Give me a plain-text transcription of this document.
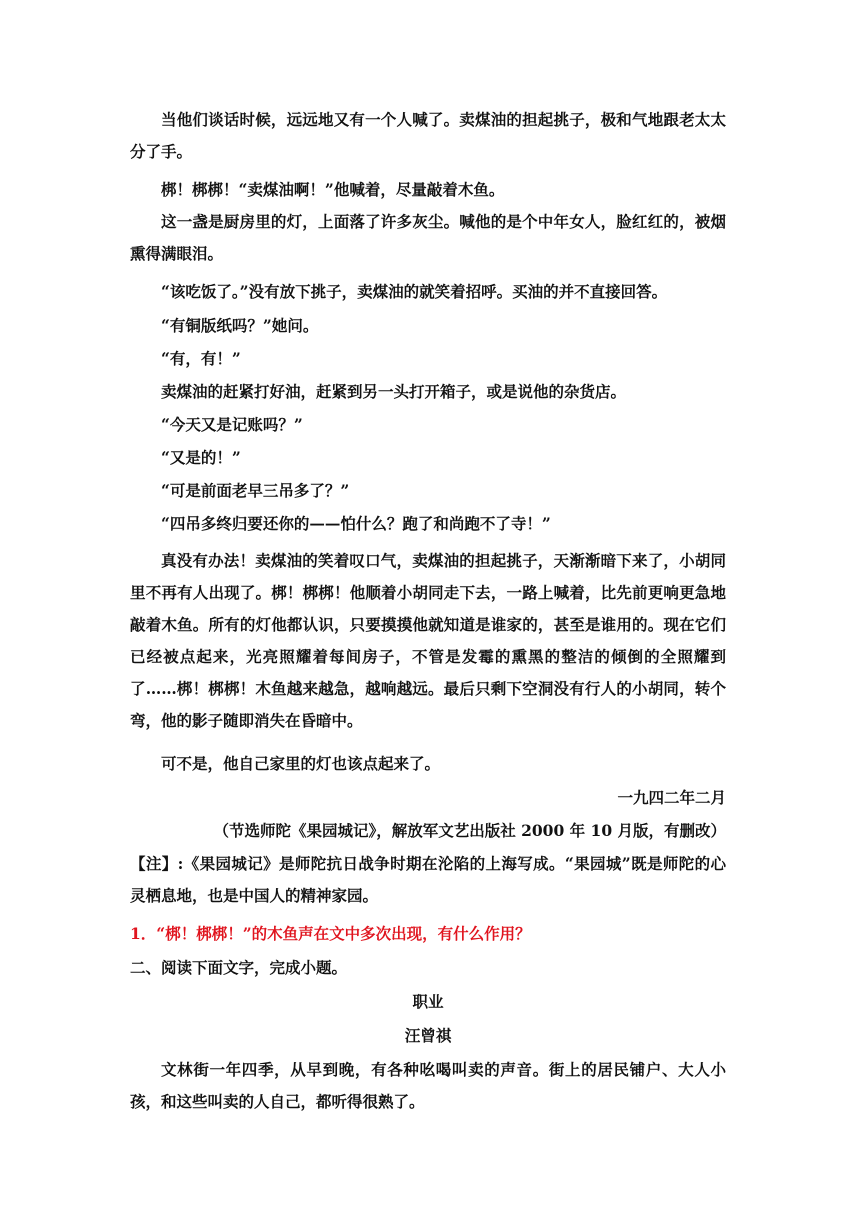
当他们谈话时候，远远地又有一个人喊了。卖煤油的担起挑子，极和气地跟老太太分了手。

梆！梆梆！“卖煤油啊！”他喊着，尽量敲着木鱼。

这一盏是厨房里的灯，上面落了许多灰尘。喊他的是个中年女人，脸红红的，被烟熏得满眼泪。

“该吃饭了。”没有放下挑子，卖煤油的就笑着招呼。买油的并不直接回答。

“有铜版纸吗？”她问。

“有，有！”

卖煤油的赶紧打好油，赶紧到另一头打开箱子，或是说他的杂货店。

“今天又是记账吗？”

“又是的！”

“可是前面老早三吊多了？”

“四吊多终归要还你的——怕什么？跑了和尚跑不了寺！”

真没有办法！卖煤油的笑着叹口气，卖煤油的担起挑子，天渐渐暗下来了，小胡同里不再有人出现了。梆！梆梆！他顺着小胡同走下去，一路上喊着，比先前更响更急地敲着木鱼。所有的灯他都认识，只要摸摸他就知道是谁家的，甚至是谁用的。现在它们已经被点起来，光亮照耀着每间房子，不管是发霉的熏黑的整洁的倾倒的全照耀到了……梆！梆梆！木鱼越来越急，越响越远。最后只剩下空洞没有行人的小胡同，转个弯，他的影子随即消失在昏暗中。

可不是，他自己家里的灯也该点起来了。

一九四二年二月

（节选师陀《果园城记》，解放军文艺出版社 2000 年 10 月版，有删改）

【注】:《果园城记》是师陀抗日战争时期在沦陷的上海写成。“果园城”既是师陀的心灵栖息地，也是中国人的精神家园。

1．“梆！梆梆！”的木鱼声在文中多次出现，有什么作用？

二、阅读下面文字，完成小题。

职业

汪曾祺

文林街一年四季，从早到晚，有各种吆喝叫卖的声音。街上的居民铺户、大人小孩，和这些叫卖的人自己，都听得很熟了。
